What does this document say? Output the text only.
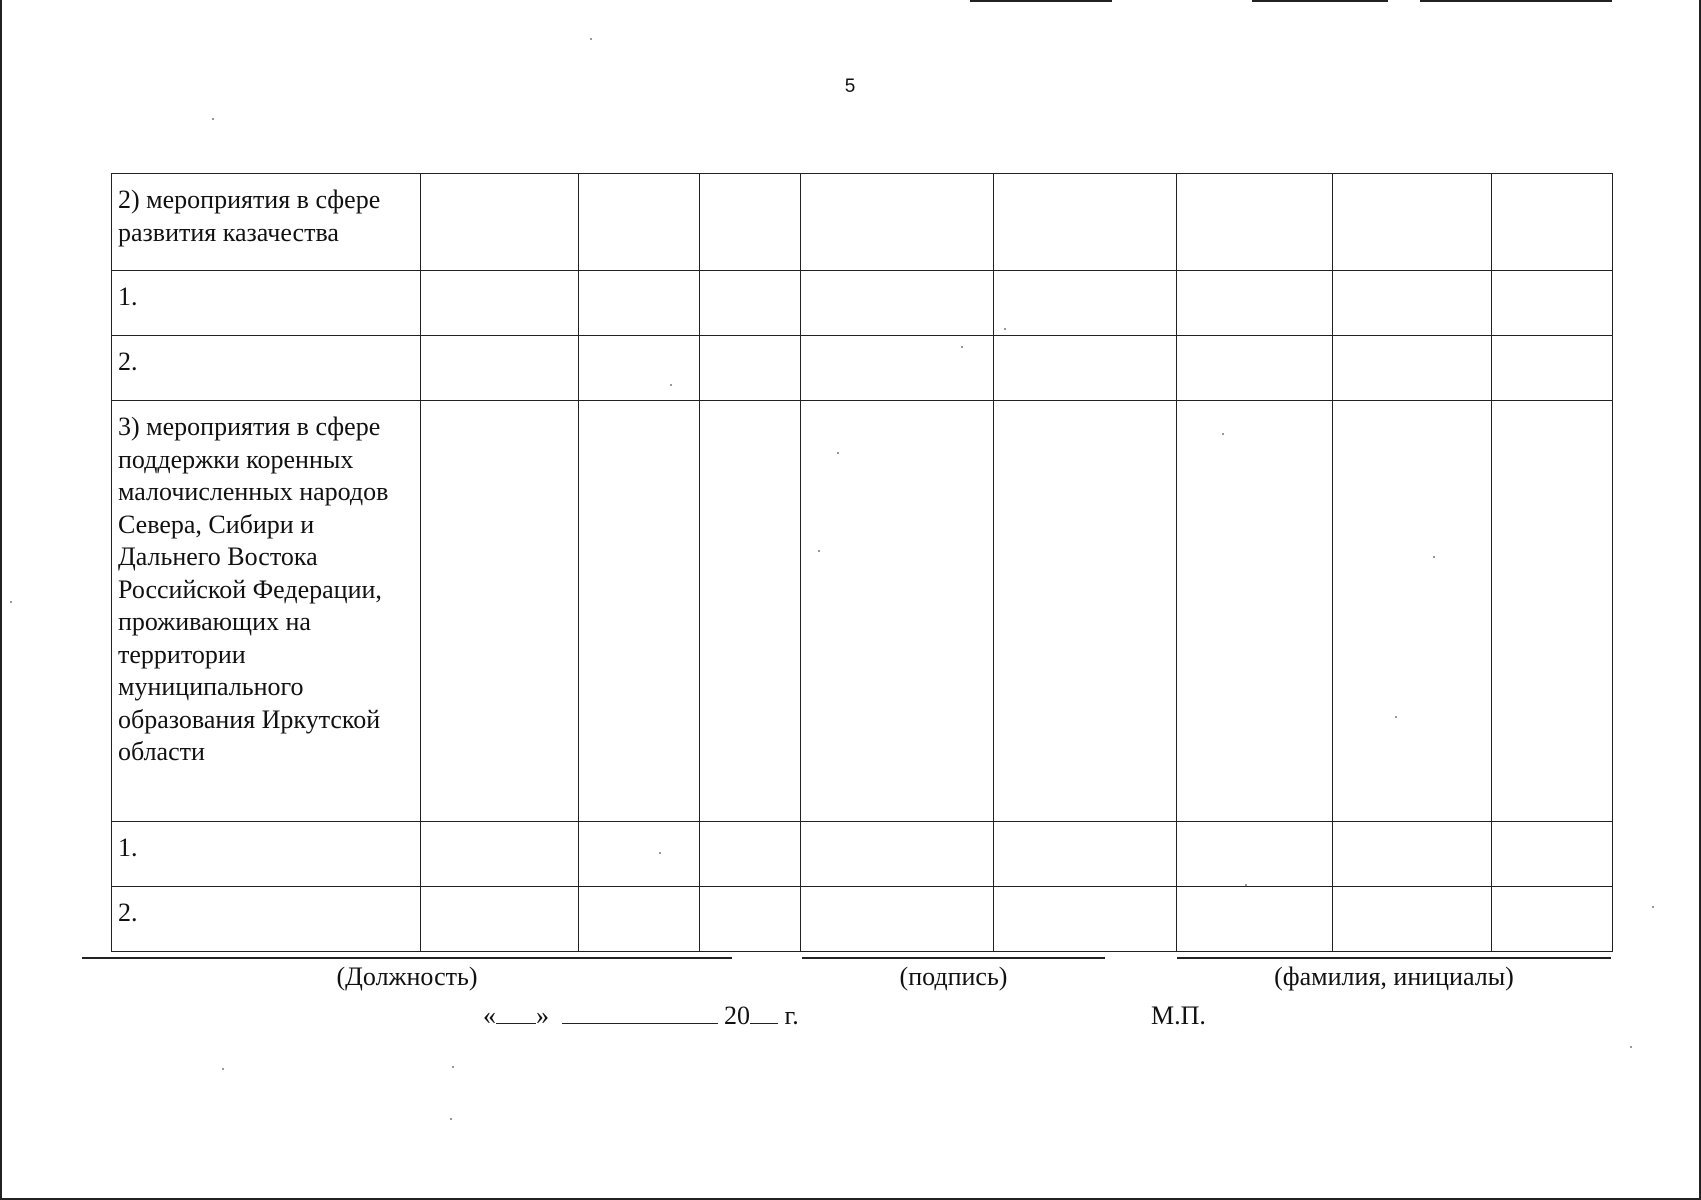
5
2) мероприятия в сфере развития казачества								
1.								
2.								
3) мероприятия в сфере поддержки коренных малочисленных народов Севера, Сибири и Дальнего Востока Российской Федерации, проживающих на территории муниципального образования Иркутской области								
1.								
2.								
(Должность)	(подпись)	(фамилия, инициалы)
« »	20 г.	М.П.
